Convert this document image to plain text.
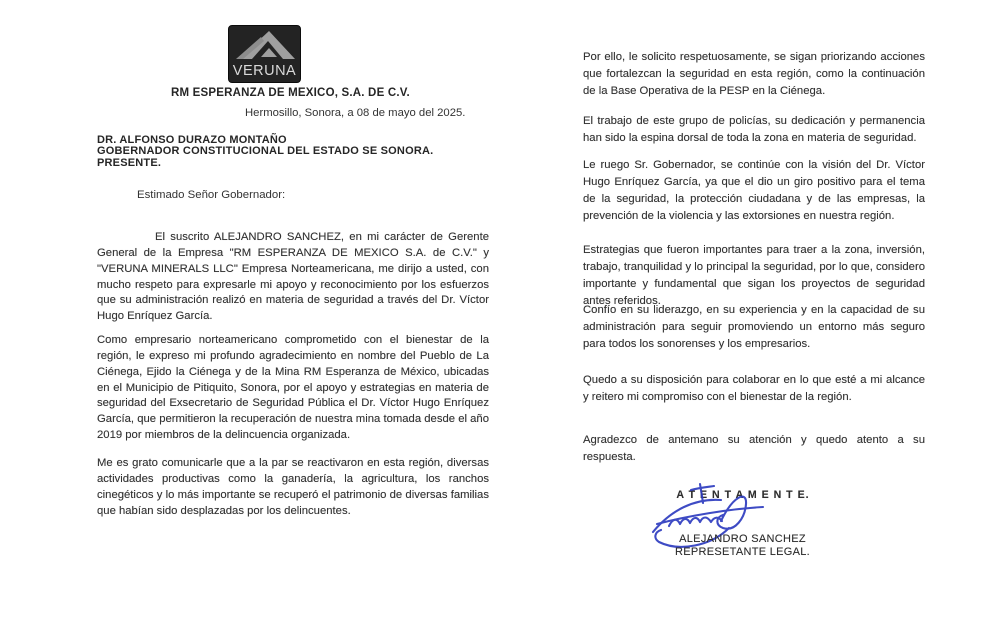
VERUNA
RM ESPERANZA DE MEXICO, S.A. DE C.V.
Hermosillo, Sonora, a 08 de mayo del 2025.
DR. ALFONSO DURAZO MONTAÑO
GOBERNADOR CONSTITUCIONAL DEL ESTADO SE SONORA.
PRESENTE.
Estimado Señor Gobernador:

El suscrito ALEJANDRO SANCHEZ, en mi carácter de Gerente General de la Empresa "RM ESPERANZA DE MEXICO S.A. de C.V." y "VERUNA MINERALS LLC" Empresa Norteamericana, me dirijo a usted, con mucho respeto para expresarle mi apoyo y reconocimiento por los esfuerzos que su administración realizó en materia de seguridad a través del Dr. Víctor Hugo Enríquez García.

Como empresario norteamericano comprometido con el bienestar de la región, le expreso mi profundo agradecimiento en nombre del Pueblo de La Ciénega, Ejido la Ciénega y de la Mina RM Esperanza de México, ubicadas en el Municipio de Pitiquito, Sonora, por el apoyo y estrategias en materia de seguridad del Exsecretario de Seguridad Pública el Dr. Víctor Hugo Enríquez García, que permitieron la recuperación de nuestra mina tomada desde el año 2019 por miembros de la delincuencia organizada.

Me es grato comunicarle que a la par se reactivaron en esta región, diversas actividades productivas como la ganadería, la agricultura, los ranchos cinegéticos y lo más importante se recuperó el patrimonio de diversas familias que habían sido desplazadas por los delincuentes.

Por ello, le solicito respetuosamente, se sigan priorizando acciones que fortalezcan la seguridad en esta región, como la continuación de la Base Operativa de la PESP en la Ciénega.

El trabajo de este grupo de policías, su dedicación y permanencia han sido la espina dorsal de toda la zona en materia de seguridad.

Le ruego Sr. Gobernador, se continúe con la visión del Dr. Víctor Hugo Enríquez García, ya que el dio un giro positivo para el tema de la seguridad, la protección ciudadana y de las empresas, la prevención de la violencia y las extorsiones en nuestra región.

Estrategias que fueron importantes para traer a la zona, inversión, trabajo, tranquilidad y lo principal la seguridad, por lo que, considero importante y fundamental que sigan los proyectos de seguridad antes referidos.

Confío en su liderazgo, en su experiencia y en la capacidad de su administración para seguir promoviendo un entorno más seguro para todos los sonorenses y los empresarios.

Quedo a su disposición para colaborar en lo que esté a mi alcance y reitero mi compromiso con el bienestar de la región.

Agradezco de antemano su atención y quedo atento a su respuesta.

A T E N T A M E N T E.
ALEJANDRO SANCHEZ
REPRESETANTE LEGAL.
